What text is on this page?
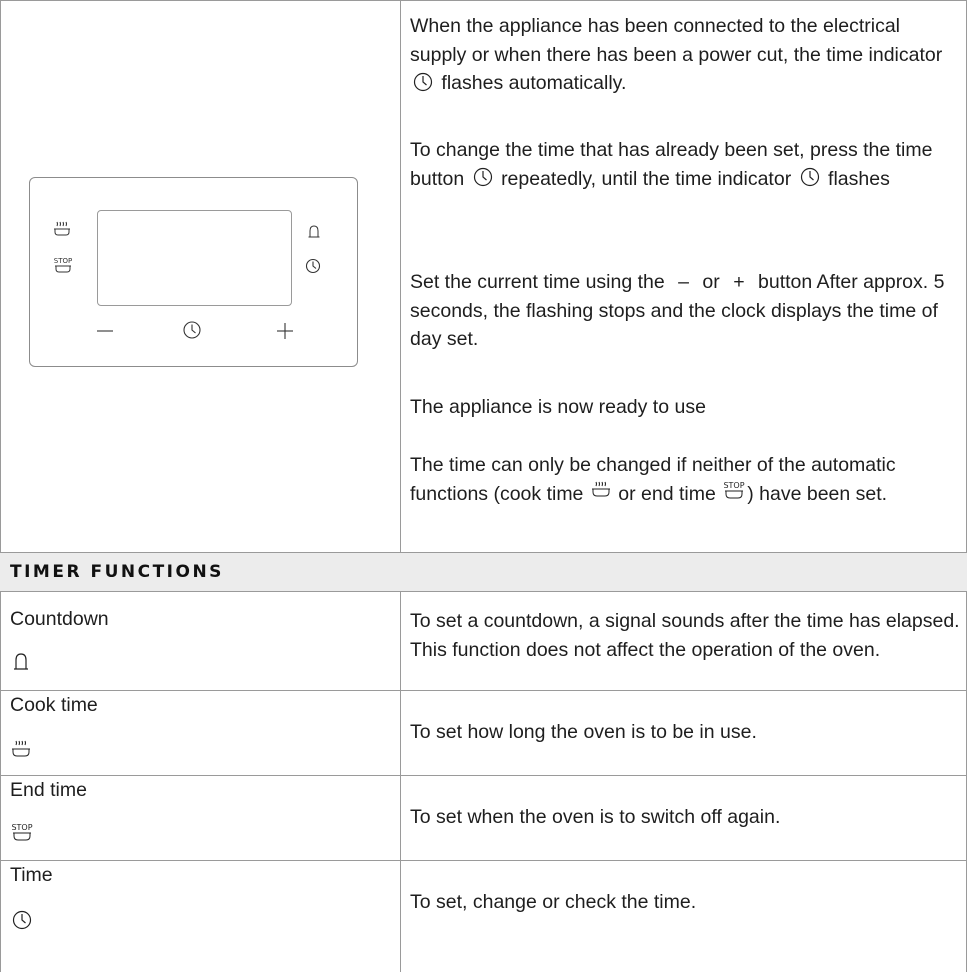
STOP

When the appliance has been connected to the electrical supply or when there has been a power cut, the time indicator  flashes automatically.

To change the time that has already been set, press the time button repeatedly, until the time indicator flashes

Set the current time using the – or + button After approx. 5 seconds, the flashing stops and the clock displays the time of day set.

The appliance is now ready to use

The time can only be changed if neither of the automatic functions (cook time or end time STOP ) have been set.

TIMER FUNCTIONS
Countdown	To set a countdown, a signal sounds after the time has elapsed. This function does not affect the operation of the oven.
Cook time
To set how long the oven is to be in use.
End time
STOP	To set when the oven is to switch off again.
Time
To set, change or check the time.
